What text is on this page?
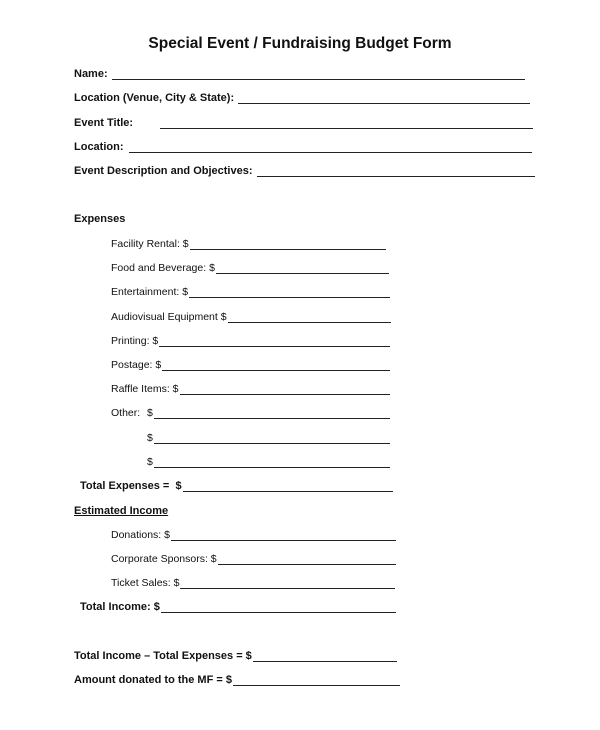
Special Event / Fundraising Budget Form
Name:
Location (Venue, City & State):
Event Title:
Location:
Event Description and Objectives:
Expenses
Facility Rental: $
Food and Beverage: $
Entertainment: $
Audiovisual Equipment $
Printing: $
Postage: $
Raffle Items: $
Other: $
$
$
Total Expenses =  $
Estimated Income
Donations: $
Corporate Sponsors: $
Ticket Sales: $
Total Income: $
Total Income – Total Expenses = $
Amount donated to the MF = $
